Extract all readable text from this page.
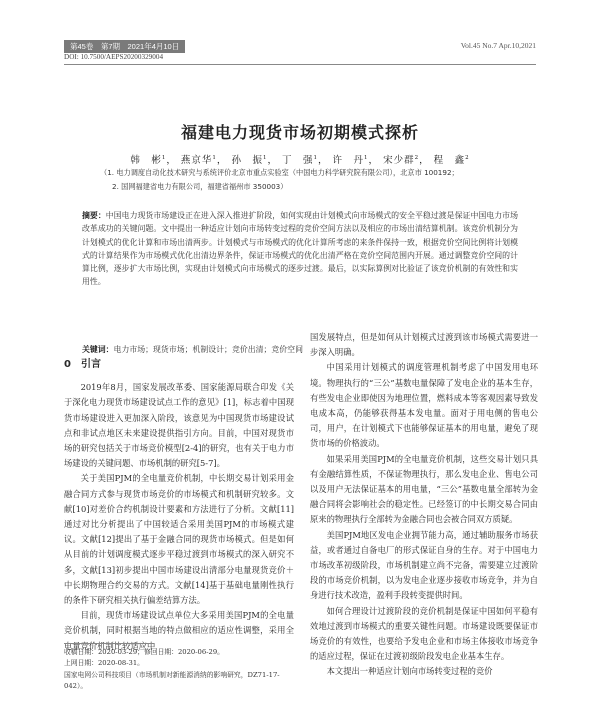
第45卷　第7期　2021年4月10日	Vol.45 No.7 Apr.10,2021
DOI: 10.7500/AEPS20200329004
福建电力现货市场初期模式探析
韩　彬$^1$， 燕京华$^1$， 孙　振$^1$， 丁　强$^1$， 许　丹$^1$， 宋少群$^2$， 程　鑫$^2$
（1. 电力调度自动化技术研究与系统评价北京市重点实验室（中国电力科学研究院有限公司），北京市 100192；
2. 国网福建省电力有限公司，福建省福州市 350003）
摘要：中国电力现货市场建设正在进入深入推进扩阶段，如何实现由计划模式向市场模式的安全平稳过渡是保证中国电力市场改革成功的关键问题。文中提出一种适应计划向市场转变过程的竞价空间方法以及相应的市场出清结算机制。该竞价机制分为计划模式的优化计算和市场出清两步。计划模式与市场模式的优化计算所考虑的来条件保持一致，根据竞价空间比例将计划模式的计算结果作为市场模式优化出清边界条件，保证市场模式的优化出清严格在竞价空间范围内开展。通过调整竞价空间的计算比例，逐步扩大市场比例，实现由计划模式向市场模式的逐步过渡。最后，以实际算例对比验证了该竞价机制的有效性和实用性。
关键词：电力市场；现货市场；机制设计；竞价出清；竞价空间
0　引言

2019年8月，国家发展改革委、国家能源局联合印发《关于深化电力现货市场建设试点工作的意见》[1]，标志着中国现货市场建设进入更加深入阶段，该意见为中国现货市场建设试点和非试点地区未来建设提供指引方向。目前，中国对现货市场的研究包括关于市场竞价模型[2-4]的研究，也有关于电力市场建设的关键问题、市场机制的研究[5-7]。

关于美国PJM的全电量竞价机制，中长期交易计划采用金融合同方式参与现货市场竞价的市场模式和机制研究较多。文献[10]对差价合约机制设计要素和方法进行了分析。文献[11]通过对比分析提出了中国较适合采用美国PJM的市场模式建议。文献[12]提出了基于金融合同的现货市场模式。但是如何从目前的计划调度模式逐步平稳过渡到市场模式的深入研究不多，文献[13]初步提出中国市场建设出清部分电量现货竞价＋中长期物理合约交易的方式。文献[14]基于基础电量刚性执行的条件下研究相关执行偏差结算方法。

目前，现货市场建设试点单位大多采用美国PJM的全电量竞价机制，同时根据当地的特点做相应的适应性调整，采用全电量竞价机制比较适应中

国发展特点，但是如何从计划模式过渡到该市场模式需要进一步深入明确。

中国采用计划模式的调度管理机制考虑了中国发用电环境。物理执行的“三公”基数电量保障了发电企业的基本生存，有些发电企业即使因为地理位置，燃料成本等客观因素导致发电成本高，仍能够获得基本发电量。面对于用电侧的售电公司，用户，在计划模式下也能够保证基本的用电量，避免了现货市场的价格波动。

如果采用美国PJM的全电量竞价机制，这些交易计划只具有金融结算性质，不保证物理执行，那么发电企业、售电公司以及用户无法保证基本的用电量，“三公”基数电量全部转为金融合同将会影响社会的稳定性。已经签订的中长期交易合同由原来的物理执行全部转为金融合同也会被合同双方质疑。

美国PJM地区发电企业拥节能力高，通过辅助服务市场获益，或者通过自备电厂的形式保证自身的生存。对于中国电力市场改革初级阶段，市场机制建立尚不完备，需要建立过渡阶段的市场竞价机制，以为发电企业逐步接收市场竞争，并为自身进行技术改造，盈利手段转变提供时间。

如何合理设计过渡阶段的竞价机制是保证中国如何平稳有效地过渡到市场模式的重要关键性问题。市场建设既要保证市场竞价的有效性，也要给予发电企业和市场主体接收市场竞争的适应过程，保证在过渡初级阶段发电企业基本生存。

本文提出一种适应计划向市场转变过程的竞价

收稿日期：2020-03-29；修回日期：2020-06-29。
上网日期：2020-08-31。
国家电网公司科技项目（市场机制对新能源消纳的影响研究，DZ71-17-042）。
